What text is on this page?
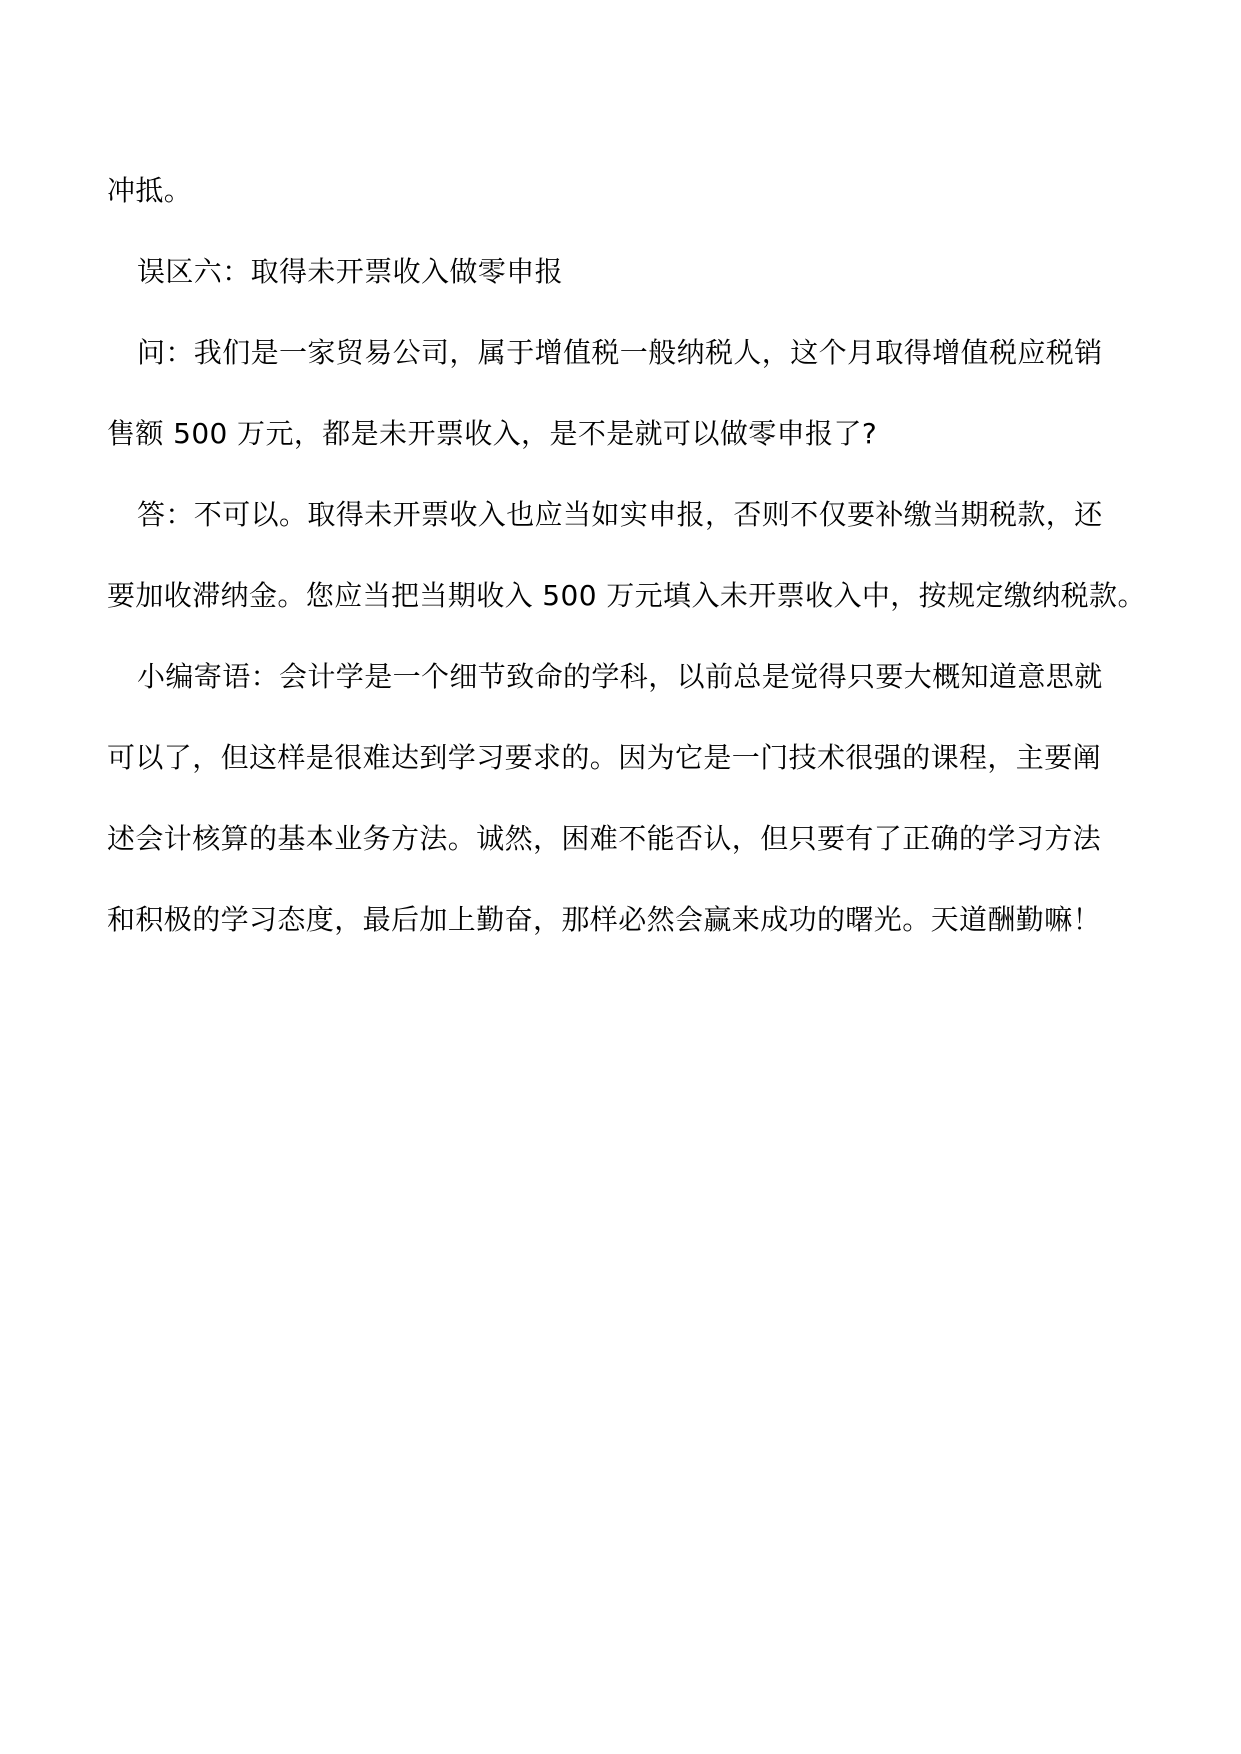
冲抵。
误区六：取得未开票收入做零申报
问：我们是一家贸易公司，属于增值税一般纳税人，这个月取得增值税应税销
售额 500 万元，都是未开票收入，是不是就可以做零申报了?
答：不可以。取得未开票收入也应当如实申报，否则不仅要补缴当期税款，还
要加收滞纳金。您应当把当期收入 500 万元填入未开票收入中，按规定缴纳税款。
小编寄语：会计学是一个细节致命的学科，以前总是觉得只要大概知道意思就
可以了，但这样是很难达到学习要求的。因为它是一门技术很强的课程，主要阐
述会计核算的基本业务方法。诚然，困难不能否认，但只要有了正确的学习方法
和积极的学习态度，最后加上勤奋，那样必然会赢来成功的曙光。天道酬勤嘛！
